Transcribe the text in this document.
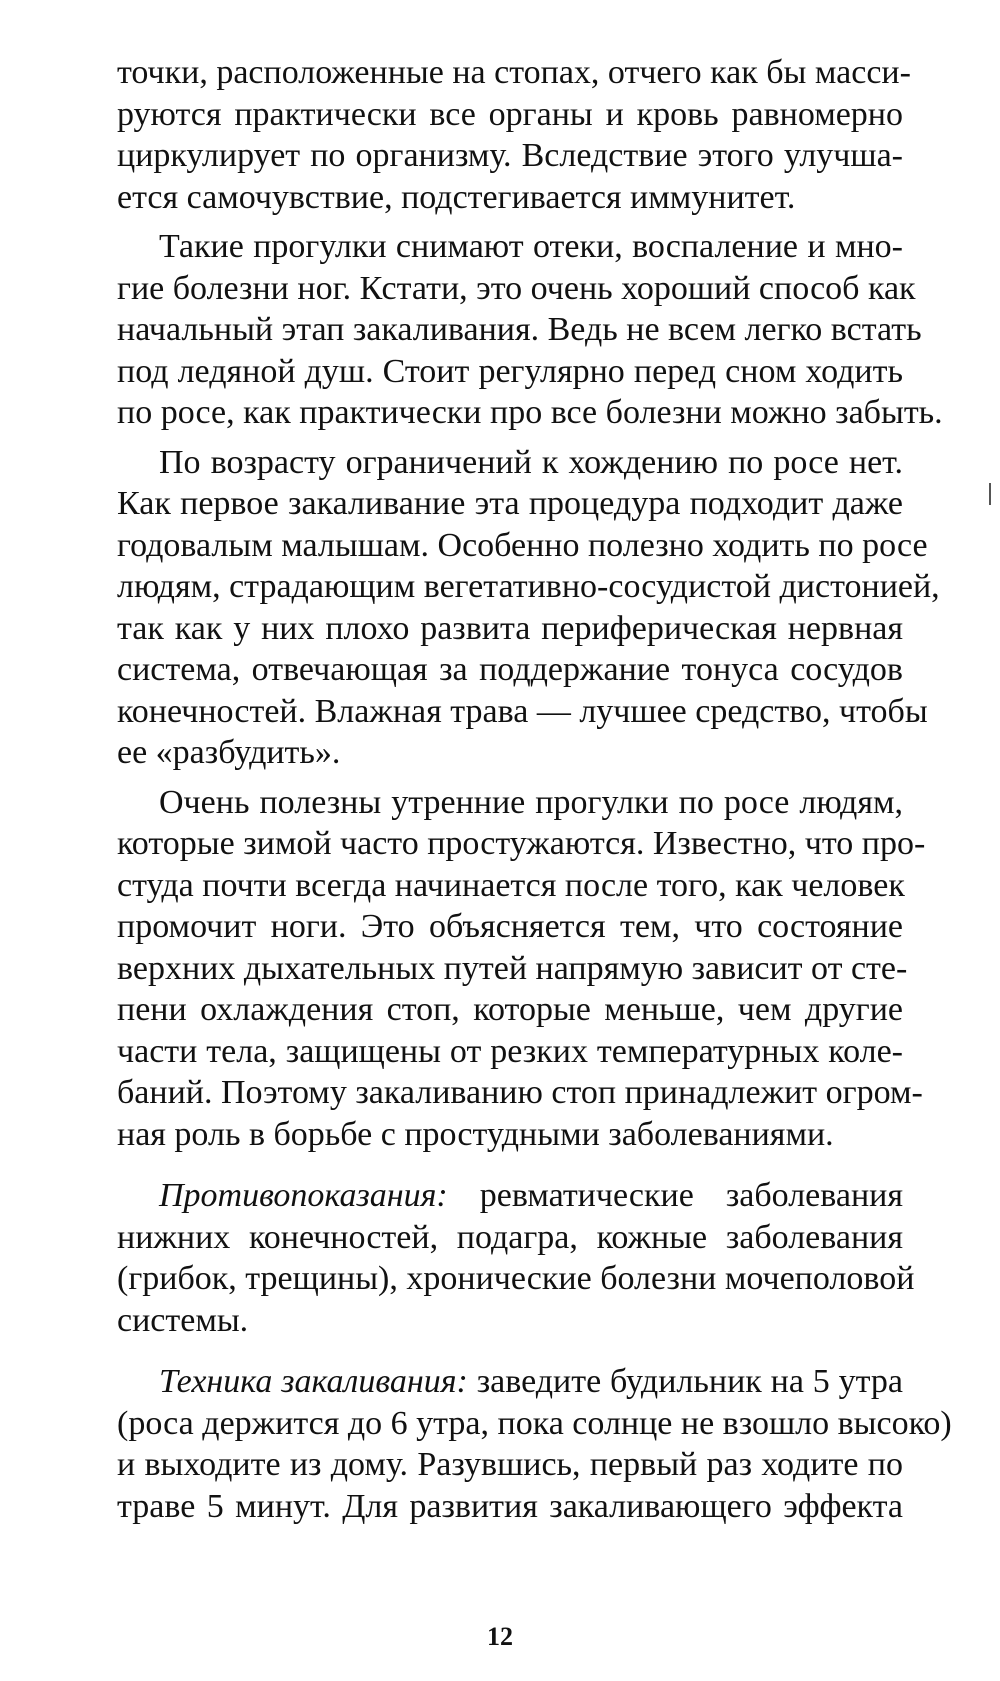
точки, расположенные на стопах, отчего как бы масси-
руются практически все органы и кровь равномерно
циркулирует по организму. Вследствие этого улучша-
ется самочувствие, подстегивается иммунитет.
Такие прогулки снимают отеки, воспаление и мно-
гие болезни ног. Кстати, это очень хороший способ как
начальный этап закаливания. Ведь не всем легко встать
под ледяной душ. Стоит регулярно перед сном ходить
по росе, как практически про все болезни можно забыть.
По возрасту ограничений к хождению по росе нет.
Как первое закаливание эта процедура подходит даже
годовалым малышам. Особенно полезно ходить по росе
людям, страдающим вегетативно-сосудистой дистонией,
так как у них плохо развита периферическая нервная
система, отвечающая за поддержание тонуса сосудов
конечностей. Влажная трава — лучшее средство, чтобы
ее «разбудить».
Очень полезны утренние прогулки по росе людям,
которые зимой часто простужаются. Известно, что про-
студа почти всегда начинается после того, как человек
промочит ноги. Это объясняется тем, что состояние
верхних дыхательных путей напрямую зависит от сте-
пени охлаждения стоп, которые меньше, чем другие
части тела, защищены от резких температурных коле-
баний. Поэтому закаливанию стоп принадлежит огром-
ная роль в борьбе с простудными заболеваниями.
Противопоказания: ревматические заболевания
нижних конечностей, подагра, кожные заболевания
(грибок, трещины), хронические болезни мочеполовой
системы.
Техника закаливания: заведите будильник на 5 утра
(роса держится до 6 утра, пока солнце не взошло высоко)
и выходите из дому. Разувшись, первый раз ходите по
траве 5 минут. Для развития закаливающего эффекта
12
